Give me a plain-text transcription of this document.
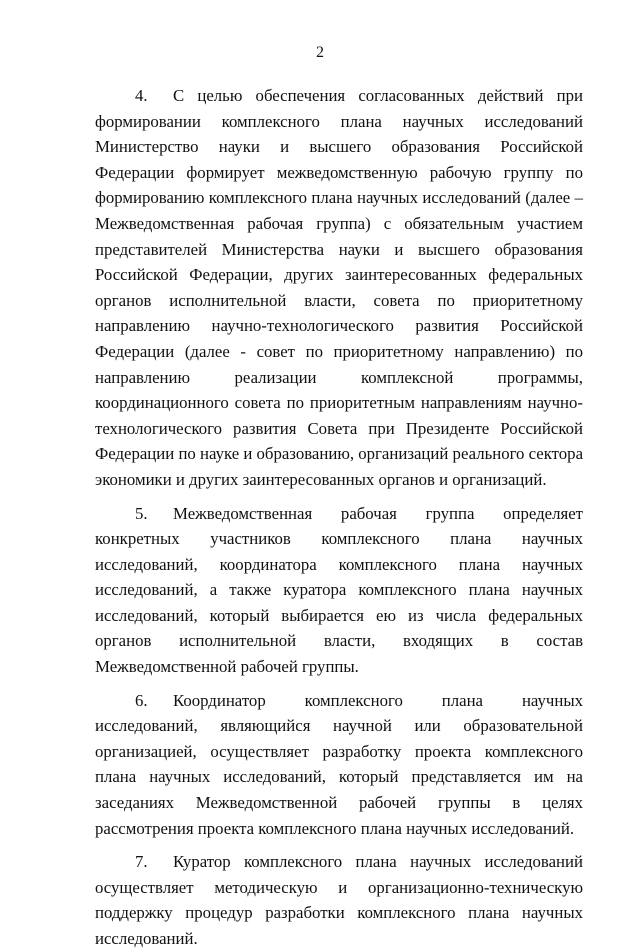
2

4. С целью обеспечения согласованных действий при формировании комплексного плана научных исследований Министерство науки и высшего образования Российской Федерации формирует межведомственную рабочую группу по формированию комплексного плана научных исследований (далее – Межведомственная рабочая группа) с обязательным участием представителей Министерства науки и высшего образования Российской Федерации, других заинтересованных федеральных органов исполнительной власти, совета по приоритетному направлению научно-технологического развития Российской Федерации (далее - совет по приоритетному направлению) по направлению реализации комплексной программы, координационного совета по приоритетным направлениям научно-технологического развития Совета при Президенте Российской Федерации по науке и образованию, организаций реального сектора экономики и других заинтересованных органов и организаций.

5. Межведомственная рабочая группа определяет конкретных участников комплексного плана научных исследований, координатора комплексного плана научных исследований, а также куратора комплексного плана научных исследований, который выбирается ею из числа федеральных органов исполнительной власти, входящих в состав Межведомственной рабочей группы.

6. Координатор комплексного плана научных исследований, являющийся научной или образовательной организацией, осуществляет разработку проекта комплексного плана научных исследований, который представляется им на заседаниях Межведомственной рабочей группы в целях рассмотрения проекта комплексного плана научных исследований.

7. Куратор комплексного плана научных исследований осуществляет методическую и организационно-техническую поддержку процедур разработки комплексного плана научных исследований.
